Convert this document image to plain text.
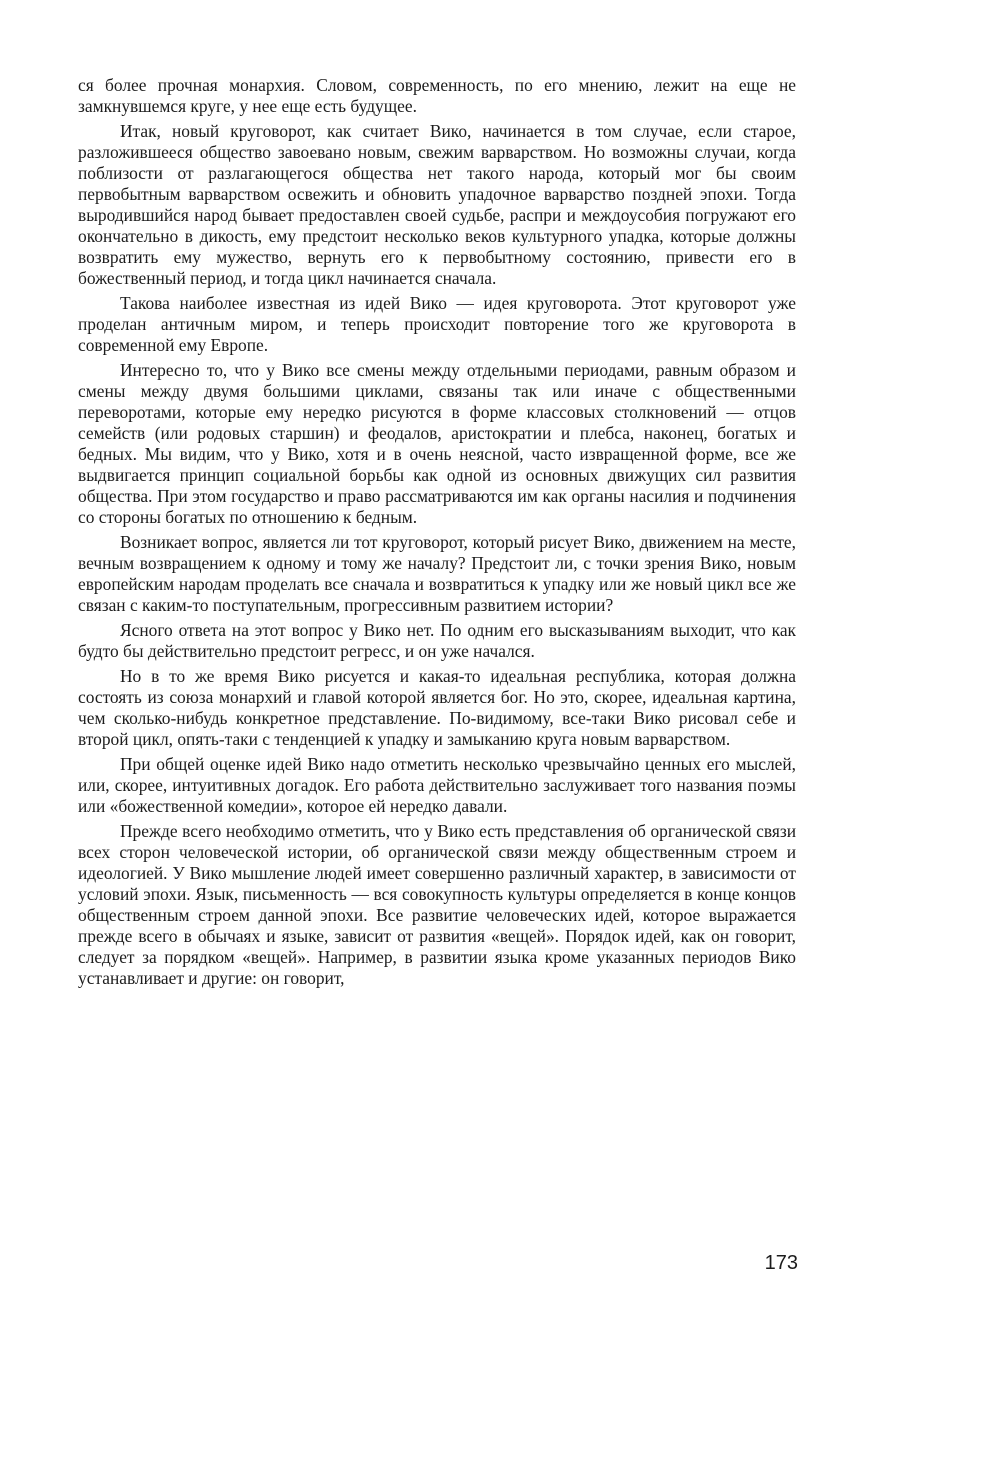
ся более прочная монархия. Словом, современность, по его мнению, лежит на еще не замкнувшемся круге, у нее еще есть будущее.

Итак, новый круговорот, как считает Вико, начинается в том случае, если старое, разложившееся общество завоевано новым, свежим варварством. Но возможны случаи, когда поблизости от разлагающегося общества нет такого народа, который мог бы своим первобытным варварством освежить и обновить упадочное варварство поздней эпохи. Тогда выродившийся народ бывает предоставлен своей судьбе, распри и междоусобия погружают его окончательно в дикость, ему предстоит несколько веков культурного упадка, которые должны возвратить ему мужество, вернуть его к первобытному состоянию, привести его в божественный период, и тогда цикл начинается сначала.

Такова наиболее известная из идей Вико — идея круговорота. Этот круговорот уже проделан античным миром, и теперь происходит повторение того же круговорота в современной ему Европе.

Интересно то, что у Вико все смены между отдельными периодами, равным образом и смены между двумя большими циклами, связаны так или иначе с общественными переворотами, которые ему нередко рисуются в форме классовых столкновений — отцов семейств (или родовых старшин) и феодалов, аристократии и плебса, наконец, богатых и бедных. Мы видим, что у Вико, хотя и в очень неясной, часто извращенной форме, все же выдвигается принцип социальной борьбы как одной из основных движущих сил развития общества. При этом государство и право рассматриваются им как органы насилия и подчинения со стороны богатых по отношению к бедным.

Возникает вопрос, является ли тот круговорот, который рисует Вико, движением на месте, вечным возвращением к одному и тому же началу? Предстоит ли, с точки зрения Вико, новым европейским народам проделать все сначала и возвратиться к упадку или же новый цикл все же связан с каким-то поступательным, прогрессивным развитием истории?

Ясного ответа на этот вопрос у Вико нет. По одним его высказываниям выходит, что как будто бы действительно предстоит регресс, и он уже начался.

Но в то же время Вико рисуется и какая-то идеальная республика, которая должна состоять из союза монархий и главой которой является бог. Но это, скорее, идеальная картина, чем сколько-нибудь конкретное представление. По-видимому, все-таки Вико рисовал себе и второй цикл, опять-таки с тенденцией к упадку и замыканию круга новым варварством.

При общей оценке идей Вико надо отметить несколько чрезвычайно ценных его мыслей, или, скорее, интуитивных догадок. Его работа действительно заслуживает того названия поэмы или «божественной комедии», которое ей нередко давали.

Прежде всего необходимо отметить, что у Вико есть представления об органической связи всех сторон человеческой истории, об органической связи между общественным строем и идеологией. У Вико мышление людей имеет совершенно различный характер, в зависимости от условий эпохи. Язык, письменность — вся совокупность культуры определяется в конце концов общественным строем данной эпохи. Все развитие человеческих идей, которое выражается прежде всего в обычаях и языке, зависит от развития «вещей». Порядок идей, как он говорит, следует за порядком «вещей». Например, в развитии языка кроме указанных периодов Вико устанавливает и другие: он говорит,

173
